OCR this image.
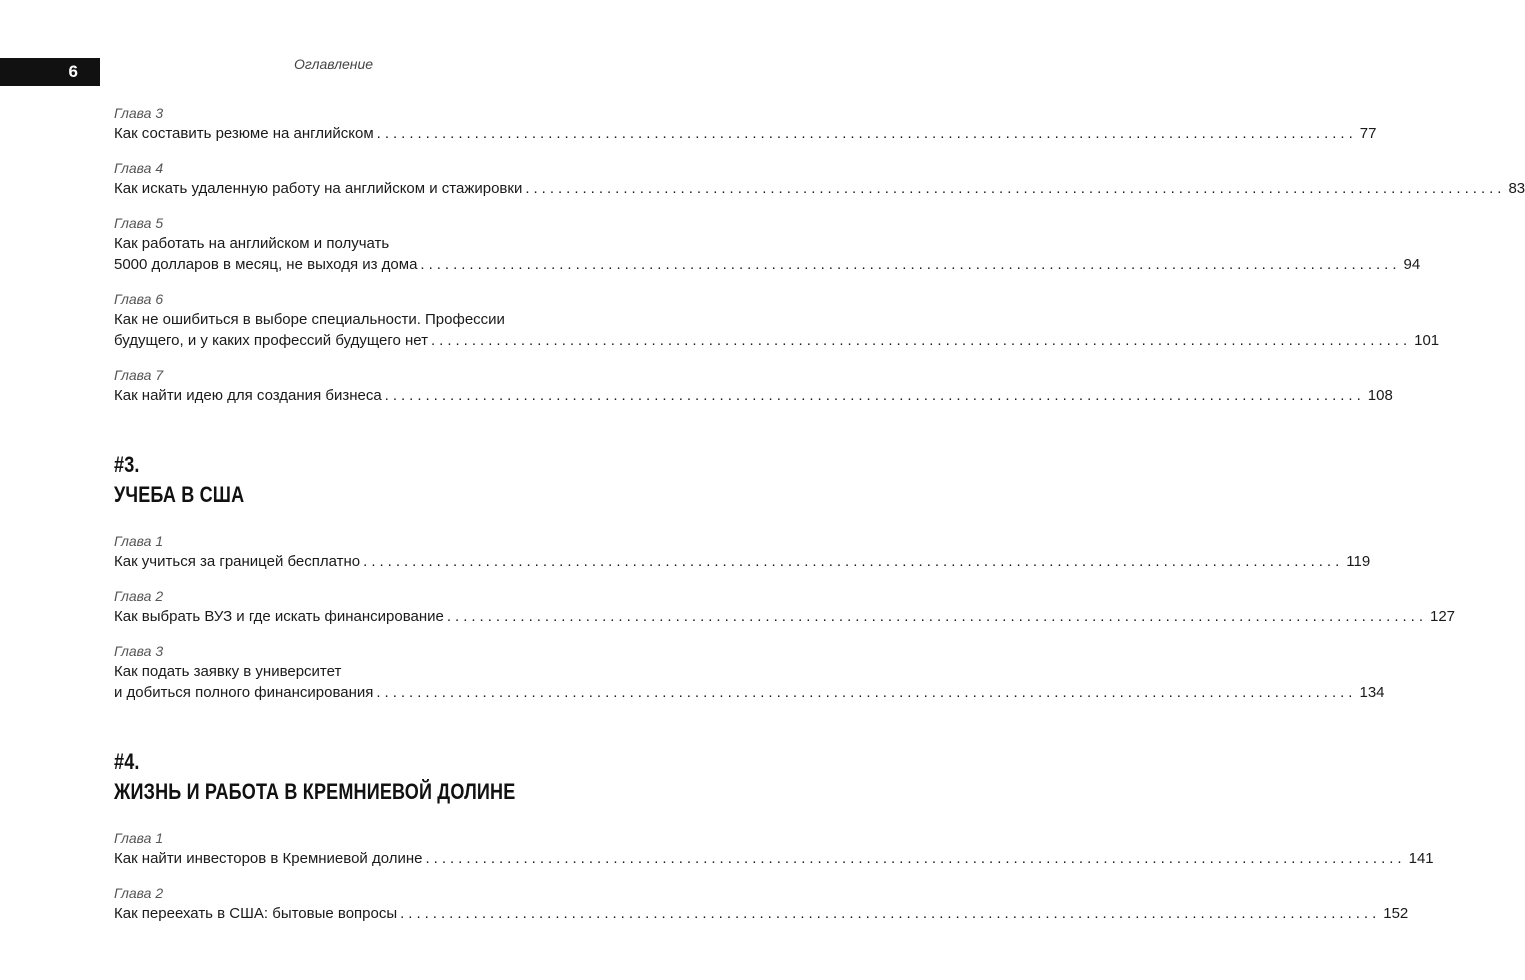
6	Оглавление
Глава 3
Как составить резюме на английском ........................................................................................................................ 77
Глава 4
Как искать удаленную работу на английском и стажировки ........................................................................................................................ 83
Глава 5
Как работать на английском и получать
5000 долларов в месяц, не выходя из дома ........................................................................................................................ 94
Глава 6
Как не ошибиться в выборе специальности. Профессии
будущего, и у каких профессий будущего нет ........................................................................................................................ 101
Глава 7
Как найти идею для создания бизнеса ........................................................................................................................ 108
#3.
УЧЕБА В США
Глава 1
Как учиться за границей бесплатно ........................................................................................................................ 119
Глава 2
Как выбрать ВУЗ и где искать финансирование ........................................................................................................................ 127
Глава 3
Как подать заявку в университет
и добиться полного финансирования ........................................................................................................................ 134
#4.
ЖИЗНЬ И РАБОТА В КРЕМНИЕВОЙ ДОЛИНЕ
Глава 1
Как найти инвесторов в Кремниевой долине ........................................................................................................................ 141
Глава 2
Как переехать в США: бытовые вопросы ........................................................................................................................ 152
